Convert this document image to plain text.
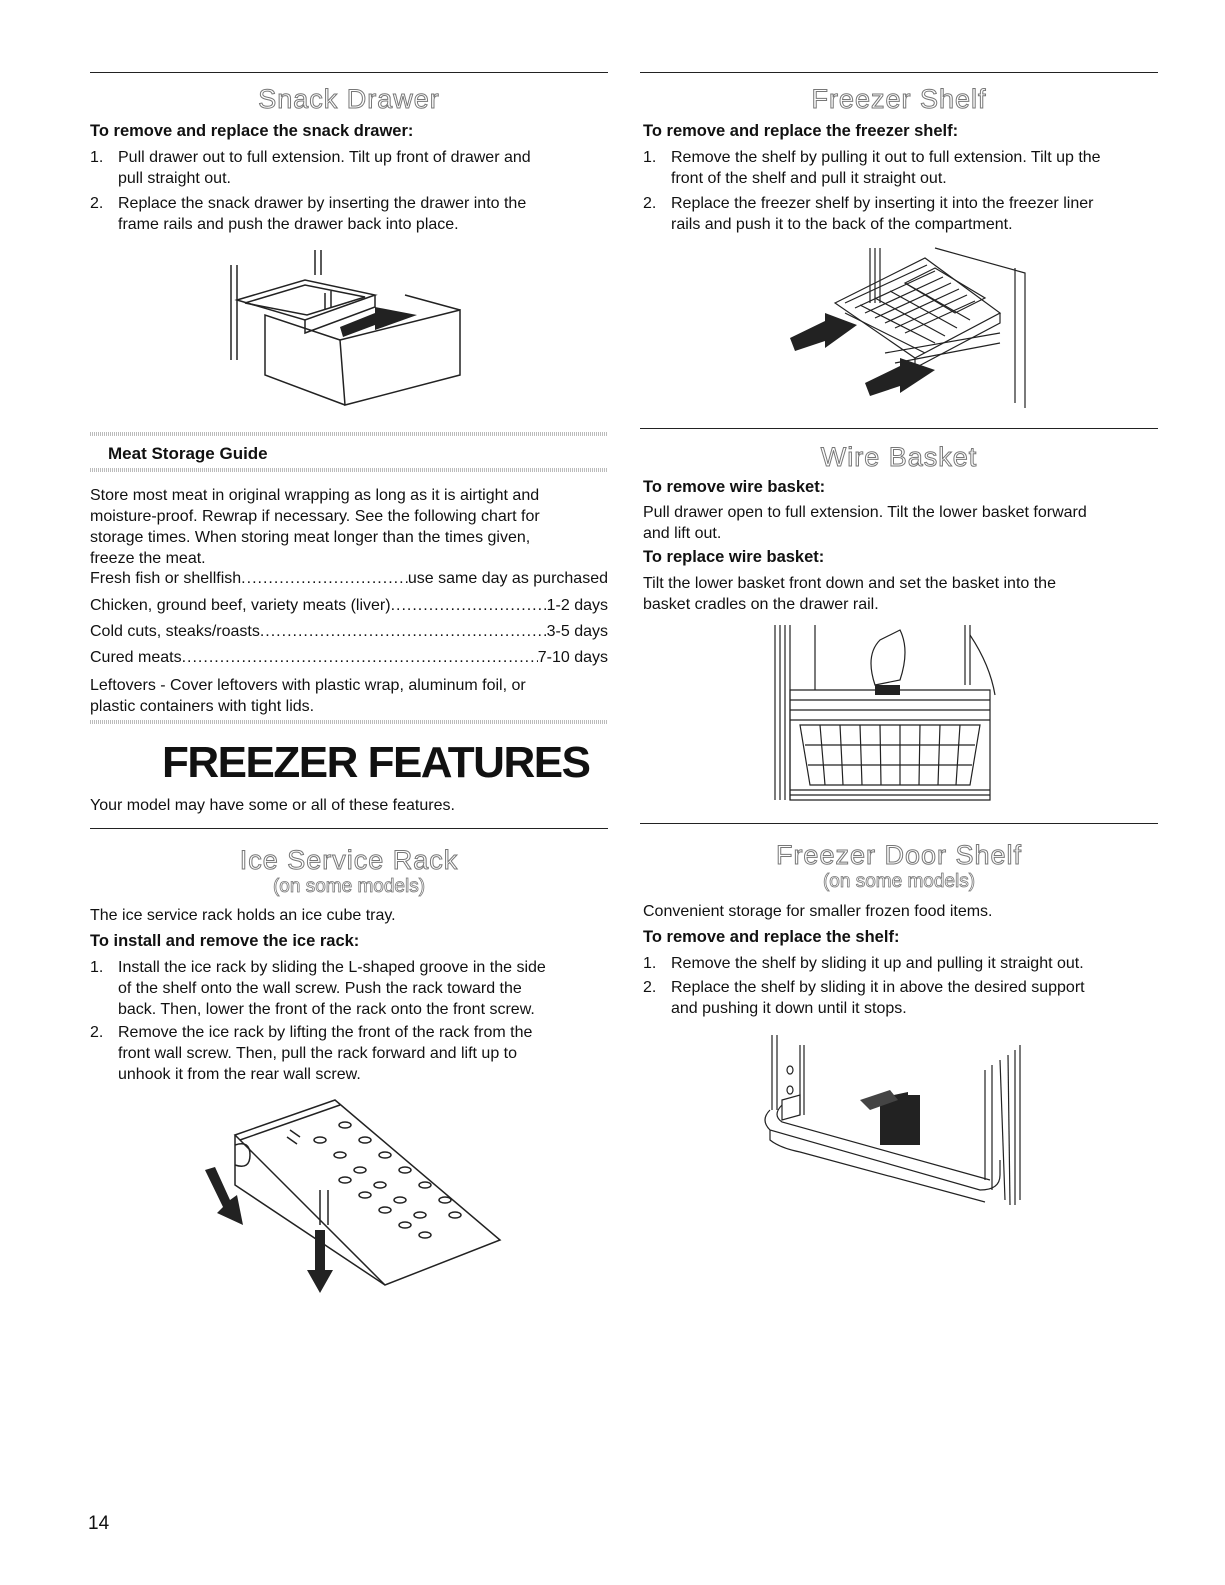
Snack Drawer
To remove and replace the snack drawer:
1. Pull drawer out to full extension. Tilt up front of drawer and
pull straight out.
2. Replace the snack drawer by inserting the drawer into the
frame rails and push the drawer back into place.
Meat Storage Guide
Store most meat in original wrapping as long as it is airtight and
moisture-proof. Rewrap if necessary. See the following chart for
storage times. When storing meat longer than the times given,
freeze the meat.
Fresh fish or shellfish .....	use same day as purchased
Chicken, ground beef, variety meats (liver) .....	1-2 days
Cold cuts, steaks/roasts .....	3-5 days
Cured meats .....	7-10 days
Leftovers - Cover leftovers with plastic wrap, aluminum foil, or
plastic containers with tight lids.
FREEZER FEATURES
Your model may have some or all of these features.
Ice Service Rack
(on some models)
The ice service rack holds an ice cube tray.
To install and remove the ice rack:
1. Install the ice rack by sliding the L-shaped groove in the side
of the shelf onto the wall screw. Push the rack toward the
back. Then, lower the front of the rack onto the front screw.
2. Remove the ice rack by lifting the front of the rack from the
front wall screw. Then, pull the rack forward and lift up to
unhook it from the rear wall screw.
Freezer Shelf
To remove and replace the freezer shelf:
1. Remove the shelf by pulling it out to full extension. Tilt up the
front of the shelf and pull it straight out.
2. Replace the freezer shelf by inserting it into the freezer liner
rails and push it to the back of the compartment.
Wire Basket
To remove wire basket:
Pull drawer open to full extension. Tilt the lower basket forward
and lift out.
To replace wire basket:
Tilt the lower basket front down and set the basket into the
basket cradles on the drawer rail.
Freezer Door Shelf
(on some models)
Convenient storage for smaller frozen food items.
To remove and replace the shelf:
1. Remove the shelf by sliding it up and pulling it straight out.
2. Replace the shelf by sliding it in above the desired support
and pushing it down until it stops.
14
